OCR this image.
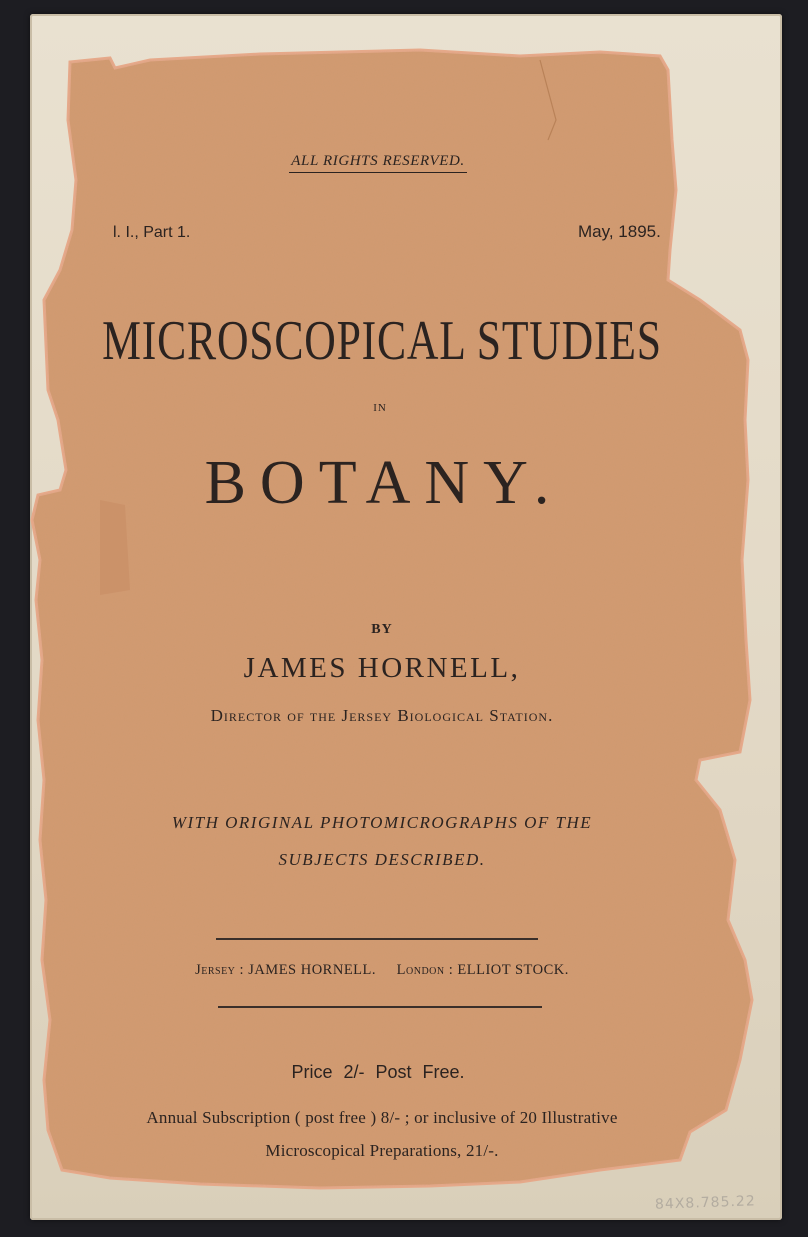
84X8.785.22
ALL RIGHTS RESERVED.
l. I., Part 1.	May, 1895.
MICROSCOPICAL STUDIES
IN
BOTANY.
BY
JAMES HORNELL,
Director of the Jersey Biological Station.
WITH ORIGINAL PHOTOMICROGRAPHS OF THE
SUBJECTS DESCRIBED.
Jersey : JAMES HORNELL. London : ELLIOT STOCK.
Price 2/- Post Free.
Annual Subscription ( post free ) 8/- ; or inclusive of 20 Illustrative
Microscopical Preparations, 21/-.
